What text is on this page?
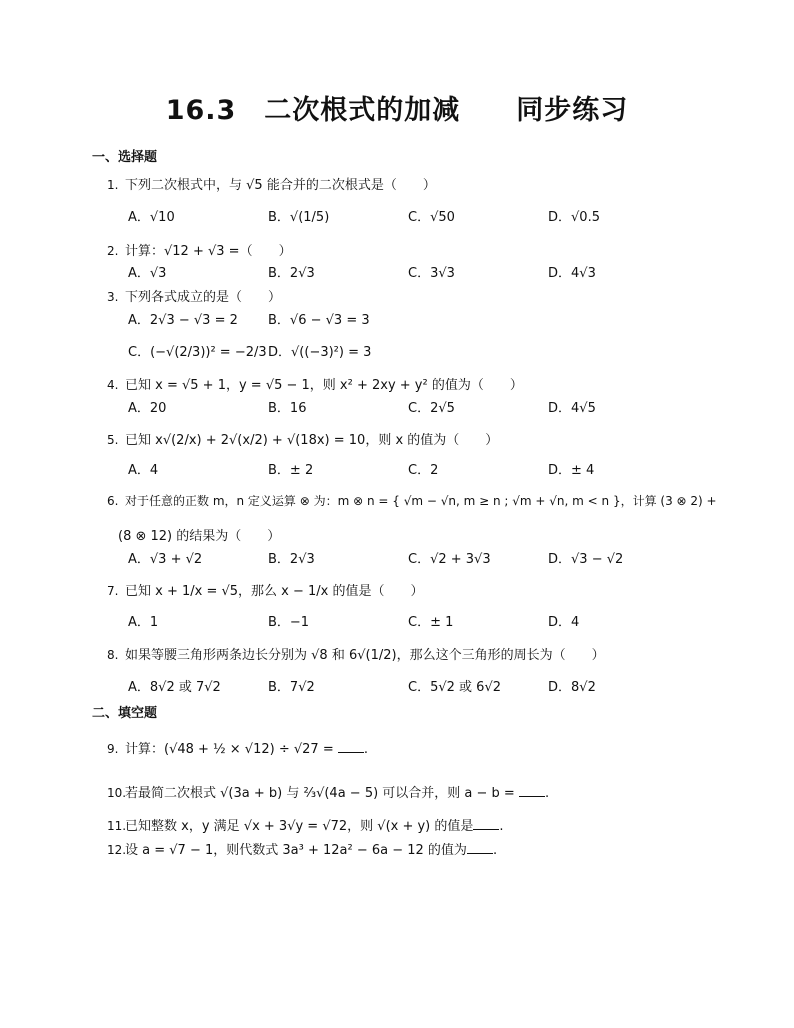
16.3　二次根式的加减　　同步练习
一、选择题
1. 下列二次根式中，与 √5 能合并的二次根式是（　　）
A．√10	B．√(1/5)	C．√50	D．√0.5
2. 计算：√12 + √3 =（　　）
A．√3	B．2√3	C．3√3	D．4√3
3. 下列各式成立的是（　　）
A．2√3 − √3 = 2 B．√6 − √3 = 3
C．(−√(2/3))² = −2/3 D．√((−3)²) = 3
4. 已知 x = √5 + 1，y = √5 − 1，则 x² + 2xy + y² 的值为（　　）
A．20	B．16	C．2√5	D．4√5
5. 已知 x√(2/x) + 2√(x/2) + √(18x) = 10，则 x 的值为（　　）
A．4	B．± 2	C．2	D．± 4
6. 对于任意的正数 m，n 定义运算 ⊗ 为：m ⊗ n = { √m − √n, m ≥ n ; √m + √n, m < n }，计算 (3 ⊗ 2) +
(8 ⊗ 12) 的结果为（　　）
A．√3 + √2	B．2√3	C．√2 + 3√3	D．√3 − √2
7. 已知 x + 1/x = √5，那么 x − 1/x 的值是（　　）
A．1	B．−1	C．± 1	D．4
8. 如果等腰三角形两条边长分别为 √8 和 6√(1/2)，那么这个三角形的周长为（　　）
A．8√2 或 7√2	B．7√2	C．5√2 或 6√2	D．8√2
二、填空题
9. 计算：(√48 + ½ × √12) ÷ √27 = .
10.若最简二次根式 √(3a + b) 与 ⅔√(4a − 5) 可以合并，则 a − b = .
11.已知整数 x，y 满足 √x + 3√y = √72，则 √(x + y) 的值是 .
12.设 a = √7 − 1，则代数式 3a³ + 12a² − 6a − 12 的值为 .
